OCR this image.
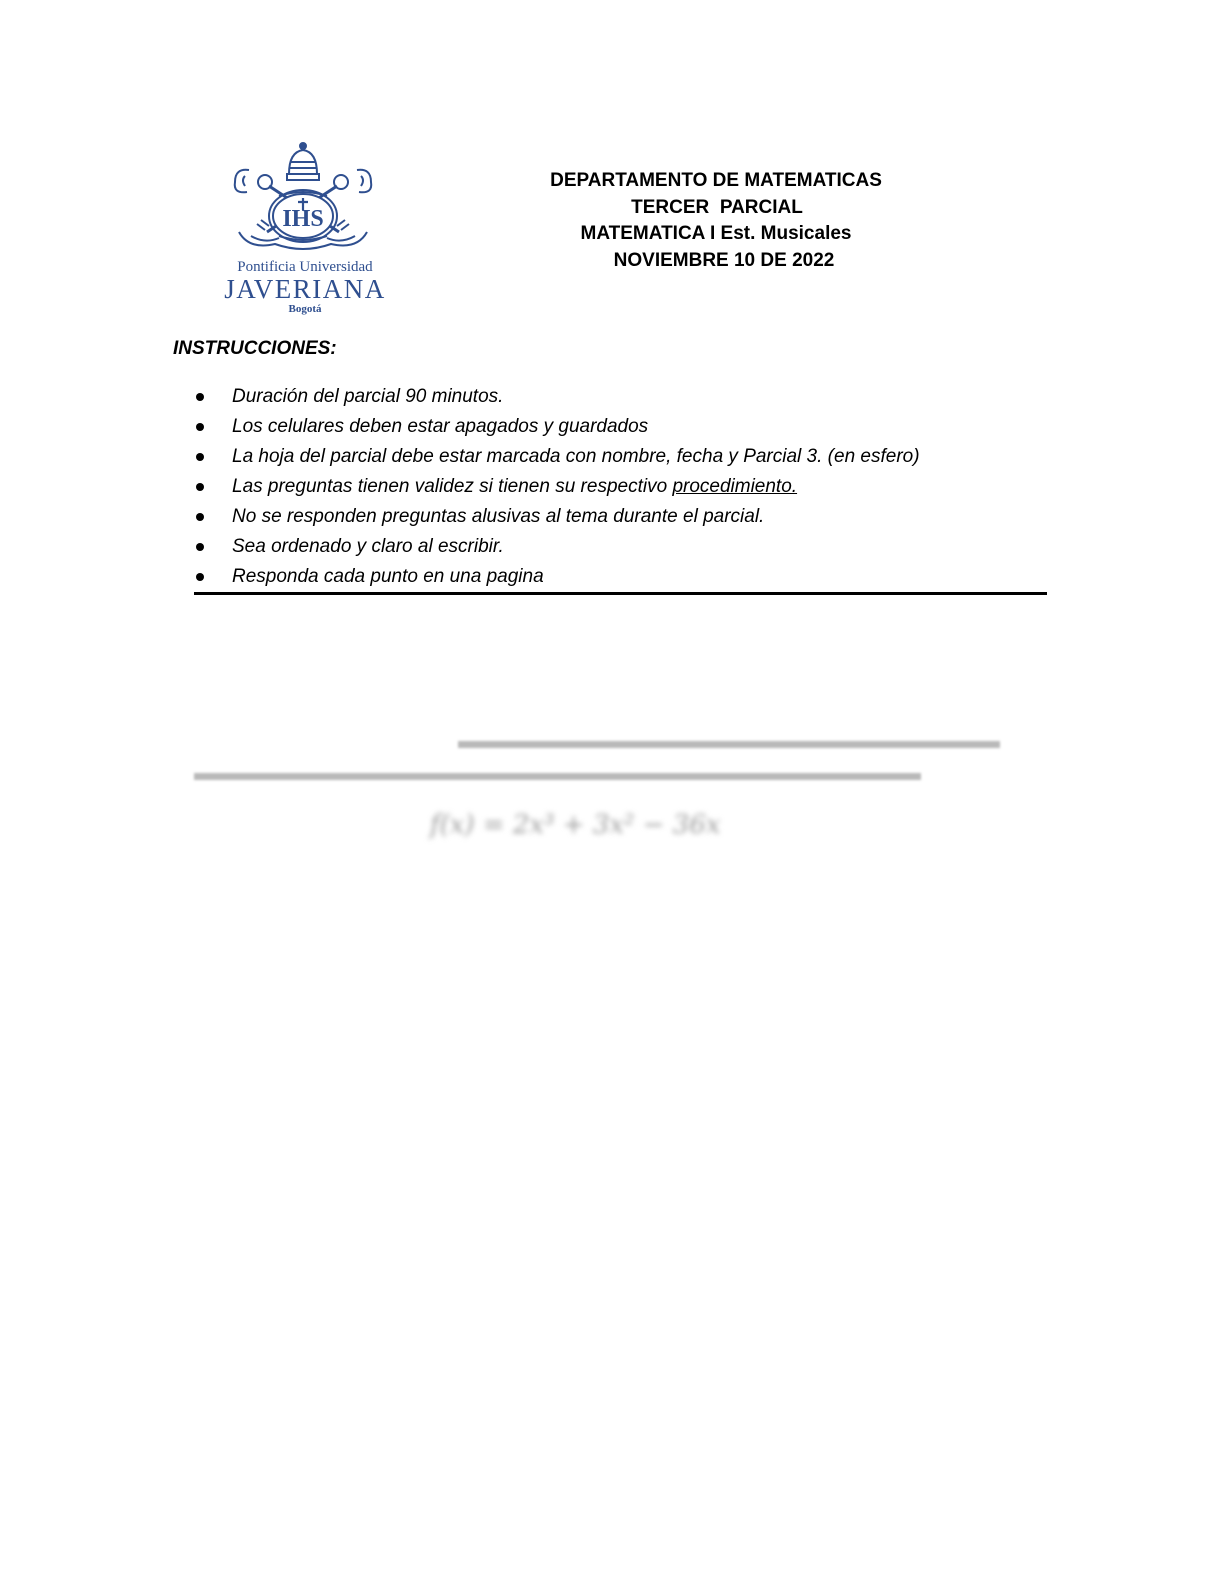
IHS
Pontificia Universidad
JAVERIANA
Bogotá
DEPARTAMENTO DE MATEMATICAS
TERCER  PARCIAL
MATEMATICA I Est. Musicales
NOVIEMBRE 10 DE 2022
INSTRUCCIONES:
Duración del parcial 90 minutos.
Los celulares deben estar apagados y guardados
La hoja del parcial debe estar marcada con nombre, fecha y Parcial 3. (en esfero)
Las preguntas tienen validez si tienen su respectivo procedimiento.
No se responden preguntas alusivas al tema durante el parcial.
Sea ordenado y claro al escribir.
Responda cada punto en una pagina
f(x) = 2x³ + 3x² − 36x
